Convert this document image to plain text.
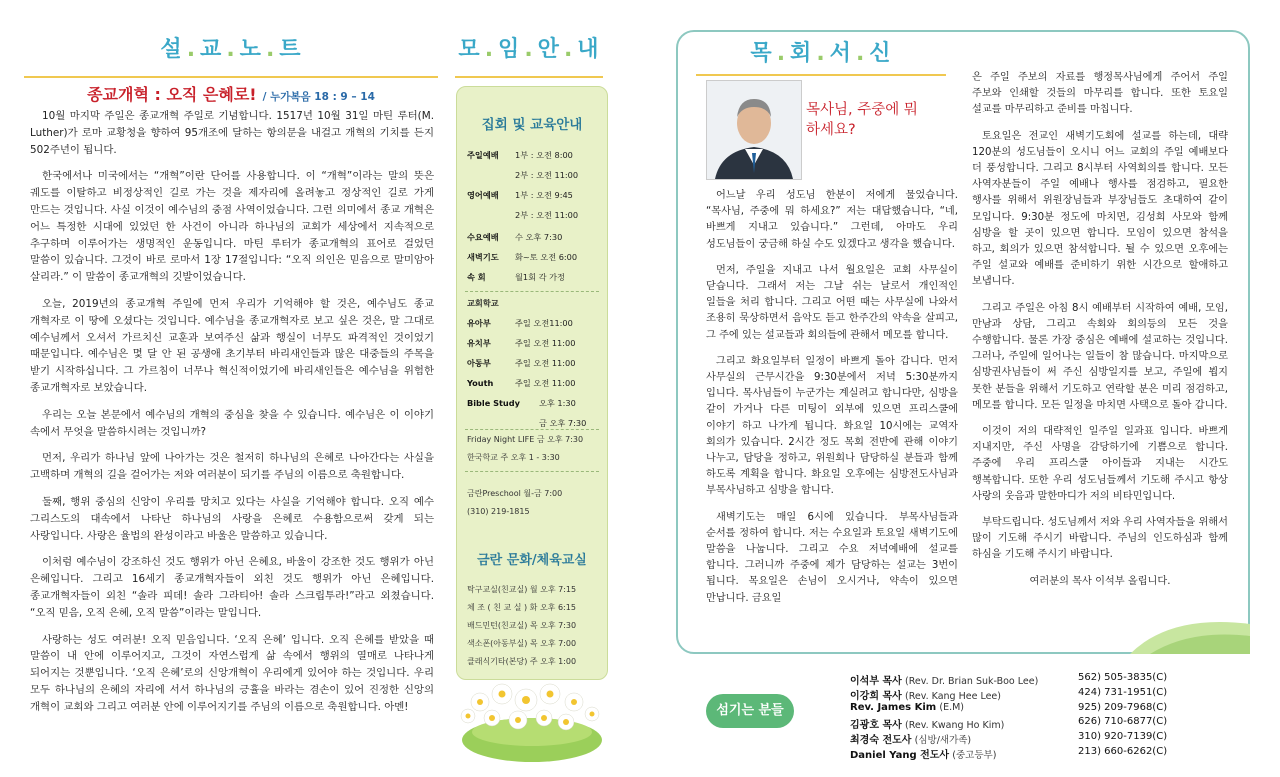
설 . 교 . 노 . 트
종교개혁 : 오직 은혜로! / 누가복음 18 : 9 – 14

10월 마지막 주일은 종교개혁 주일로 기념합니다. 1517년 10월 31일 마틴 루터(M. Luther)가 로마 교황청을 향하여 95개조에 달하는 항의문을 내걸고 개혁의 기치를 든지 502주년이 됩니다.

한국에서나 미국에서는 “개혁”이란 단어를 사용합니다. 이 “개혁”이라는 말의 뜻은 궤도를 이탈하고 비정상적인 길로 가는 것을 제자리에 올려놓고 정상적인 길로 가게 만드는 것입니다. 사실 이것이 예수님의 중점 사역이었습니다. 그런 의미에서 종교 개혁은 어느 특정한 시대에 있었던 한 사건이 아니라 하나님의 교회가 세상에서 지속적으로 추구하며 이루어가는 생명적인 운동입니다. 마틴 루터가 종교개혁의 표어로 걸었던 말씀이 있습니다. 그것이 바로 로마서 1장 17절입니다: “오직 의인은 믿음으로 말미암아 살리라.” 이 말씀이 종교개혁의 깃발이었습니다.

오늘, 2019년의 종교개혁 주일에 먼저 우리가 기억해야 할 것은, 예수님도 종교 개혁자로 이 땅에 오셨다는 것입니다. 예수님을 종교개혁자로 보고 싶은 것은, 말 그대로 예수님께서 오셔서 가르치신 교훈과 보여주신 삶과 행실이 너무도 파격적인 것이었기 때문입니다. 예수님은 몇 달 안 된 공생애 초기부터 바리새인들과 많은 대중들의 주목을 받기 시작하십니다. 그 가르침이 너무나 혁신적이었기에 바리새인들은 예수님을 위험한 종교개혁자로 보았습니다.

우리는 오늘 본문에서 예수님의 개혁의 중심을 찾을 수 있습니다. 예수님은 이 이야기 속에서 무엇을 말씀하시려는 것입니까?

먼저, 우리가 하나님 앞에 나아가는 것은 철저히 하나님의 은혜로 나아간다는 사실을 고백하며 개혁의 길을 걸어가는 저와 여러분이 되기를 주님의 이름으로 축원합니다.

둘째, 행위 중심의 신앙이 우리를 망치고 있다는 사실을 기억해야 합니다. 오직 예수 그리스도의 대속에서 나타난 하나님의 사랑을 은혜로 수용함으로써 갖게 되는 사랑입니다. 사랑은 율법의 완성이라고 바울은 말씀하고 있습니다.

이처럼 예수님이 강조하신 것도 행위가 아닌 은혜요, 바울이 강조한 것도 행위가 아닌 은혜입니다. 그리고 16세기 종교개혁자들이 외친 것도 행위가 아닌 은혜입니다. 종교개혁자들이 외친 “솔라 피데! 솔라 그라티아! 솔라 스크립투라!”라고 외쳤습니다. “오직 믿음, 오직 은혜, 오직 말씀”이라는 말입니다.

사랑하는 성도 여러분! 오직 믿음입니다. ‘오직 은혜’ 입니다. 오직 은혜를 받았을 때 말씀이 내 안에 이루어지고, 그것이 자연스럽게 삶 속에서 행위의 열매로 나타나게 되어지는 것뿐입니다. ‘오직 은혜’로의 신앙개혁이 우리에게 있어야 하는 것입니다. 우리 모두 하나님의 은혜의 자리에 서서 하나님의 긍휼을 바라는 겸손이 있어 진정한 신앙의 개혁이 교회와 그리고 여러분 안에 이루어지기를 주님의 이름으로 축원합니다. 아멘!

모 . 임 . 안 . 내
집회 및 교육안내
주일예배 1부 : 오전 8:00
2부 : 오전 11:00
영어예배 1부 : 오전 9:45
2부 : 오전 11:00
수요예배 수 오후 7:30
새벽기도 화~토 오전 6:00
속 회	월1회 각 가정
교회학교
유아부	주일 오전11:00
유치부	주일 오전 11:00
아동부	주일 오전 11:00
Youth	주일 오전 11:00
Bible Study 오후 1:30
금 오후 7:30
Friday Night LIFE 금 오후 7:30
한국학교 주 오후 1 - 3:30
금란Preschool 월-금 7:00
(310) 219-1815
금란 문화/체육교실
탁구교실(친교실) 월 오후 7:15
체 조 ( 친 교 실 ) 화 오후 6:15
배드민턴(친교실) 목 오후 7:30
색소폰(아동부실) 목 오후 7:00
클래식기타(본당) 주 오후 1:00
목 . 회 . 서 . 신
목사님, 주중에 뭐 하세요?

어느날 우리 성도님 한분이 저에게 물었습니다. “목사님, 주중에 뭐 하세요?” 저는 대답했습니다, “네, 바쁘게 지내고 있습니다.” 그런데, 아마도 우리 성도님들이 궁금해 하실 수도 있겠다고 생각을 했습니다.

먼저, 주일을 지내고 나서 월요일은 교회 사무실이 닫습니다. 그래서 저는 그날 쉬는 날로서 개인적인 일들을 처리 합니다. 그리고 어떤 때는 사무실에 나와서 조용히 묵상하면서 음악도 듣고 한주간의 약속을 살피고, 그 주에 있는 설교들과 회의들에 관해서 메모를 합니다.

그리고 화요일부터 일정이 바쁘게 돌아 갑니다. 먼저 사무실의 근무시간을 9:30분에서 저녁 5:30분까지 입니다. 목사님들이 누군가는 계실려고 합니다만, 심방을 같이 가거나 다른 미팅이 외부에 있으면 프리스쿨에 이야기 하고 나가게 됩니다. 화요일 10시에는 교역자 회의가 있습니다. 2시간 정도 목회 전반에 관해 이야기 나누고, 담당을 정하고, 위원회나 담당하실 분들과 함께 하도록 계획을 합니다. 화요일 오후에는 심방전도사님과 부목사님하고 심방을 합니다.

새벽기도는 매일 6시에 있습니다. 부목사님들과 순서를 정하여 합니다. 저는 수요일과 토요일 새벽기도에 말씀을 나눕니다. 그리고 수요 저녁예배에 설교를 합니다. 그러니까 주중에 제가 담당하는 설교는 3번이 됩니다. 목요일은 손님이 오시거나, 약속이 있으면 만납니다. 금요일

은 주일 주보의 자료를 행정목사님에게 주어서 주일 주보와 인쇄할 것들의 마무리를 합니다. 또한 토요일 설교를 마무리하고 준비를 마칩니다.

토요일은 전교인 새벽기도회에 설교를 하는데, 대략 120분의 성도님들이 오시니 어느 교회의 주일 예배보다 더 풍성합니다. 그리고 8시부터 사역회의를 합니다. 모든 사역자분들이 주일 예배나 행사를 점검하고, 필요한 행사를 위해서 위원장님들과 부장님들도 초대하여 같이 모입니다. 9:30분 정도에 마치면, 김성희 사모와 함께 심방을 할 곳이 있으면 합니다. 모임이 있으면 참석을 하고, 회의가 있으면 참석합니다. 될 수 있으면 오후에는 주일 설교와 예배를 준비하기 위한 시간으로 할애하고 보냅니다.

그리고 주일은 아침 8시 예배부터 시작하여 예배, 모임, 만남과 상담, 그리고 속회와 회의등의 모든 것을 수행합니다. 물론 가장 중심은 예배에 설교하는 것입니다. 그러나, 주일에 일어나는 일들이 참 많습니다. 마지막으로 심방권사님들이 써 주신 심방일지를 보고, 주일에 뵙지 못한 분들을 위해서 기도하고 연락할 분은 미리 점검하고, 메모를 합니다. 모든 일정을 마치면 사택으로 돌아 갑니다.

이것이 저의 대략적인 일주일 일과표 입니다. 바쁘게 지내지만, 주신 사명을 감당하기에 기쁨으로 합니다. 주중에 우리 프리스쿨 아이들과 지내는 시간도 행복합니다. 또한 우리 성도님들께서 기도해 주시고 항상 사랑의 웃음과 말한마디가 저의 비타민입니다.

부탁드립니다. 성도님께서 저와 우리 사역자들을 위해서 많이 기도해 주시기 바랍니다. 주님의 인도하심과 함께 하심을 기도해 주시기 바랍니다.

여러분의 목사 이석부 올립니다.

섬기는 분들
이석부 목사 (Rev. Dr. Brian Suk-Boo Lee)	562) 505-3835(C)
이강희 목사 (Rev. Kang Hee Lee)	424) 731-1951(C)
Rev. James Kim (E.M)	925) 209-7968(C)
김광호 목사 (Rev. Kwang Ho Kim)	626) 710-6877(C)
최경숙 전도사 (심방/새가족)	310) 920-7139(C)
Daniel Yang 전도사 (중고등부)	213) 660-6262(C)
